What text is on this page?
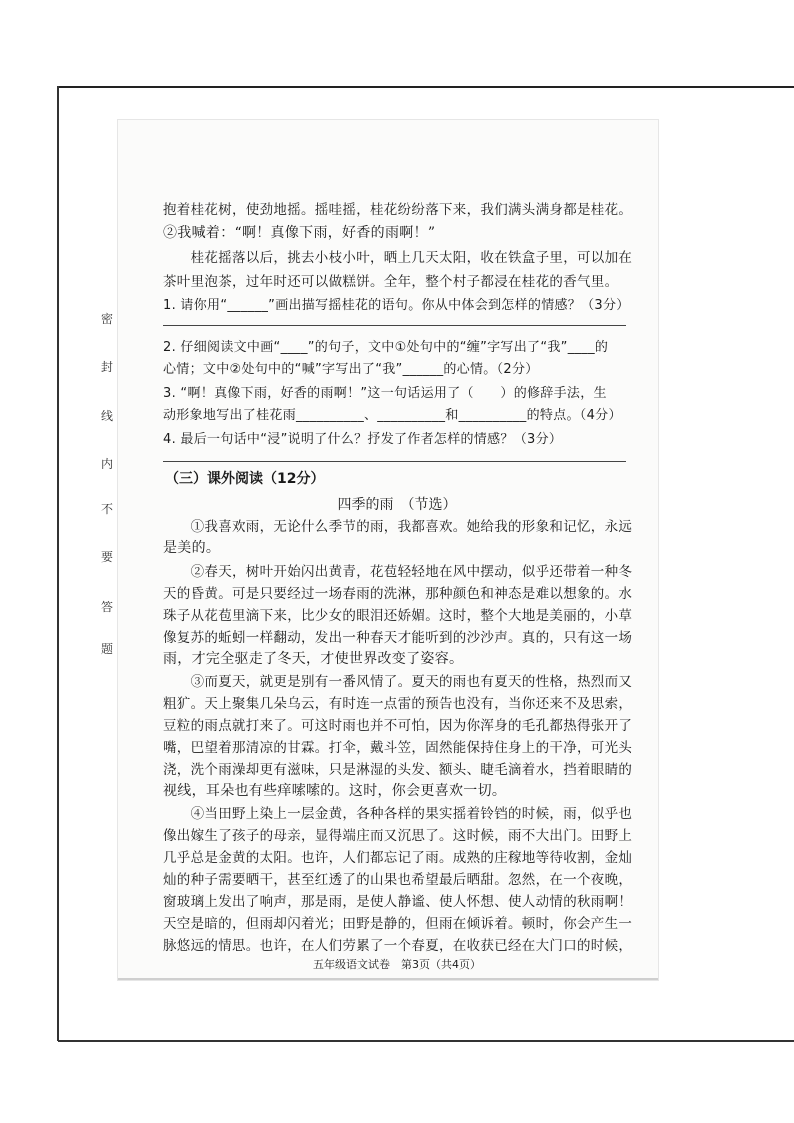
密
封
线
内
不
要
答
题
抱着桂花树，使劲地摇。摇哇摇，桂花纷纷落下来，我们满头满身都是桂花。
②我喊着：“啊！真像下雨，好香的雨啊！”
　　桂花摇落以后，挑去小枝小叶，晒上几天太阳，收在铁盒子里，可以加在
茶叶里泡茶，过年时还可以做糕饼。全年，整个村子都浸在桂花的香气里。
1. 请你用“______”画出描写摇桂花的语句。你从中体会到怎样的情感？（3分）
2. 仔细阅读文中画“____”的句子，文中①处句中的“缠”字写出了“我”____的
心情；文中②处句中的“喊”字写出了“我”______的心情。（2分）
3. “啊！真像下雨，好香的雨啊！”这一句话运用了（　　）的修辞手法，生
动形象地写出了桂花雨__________、__________和__________的特点。（4分）
4. 最后一句话中“浸”说明了什么？抒发了作者怎样的情感？（3分）
（三）课外阅读（12分）
四季的雨　（节选）
　　①我喜欢雨，无论什么季节的雨，我都喜欢。她给我的形象和记忆，永远
是美的。
　　②春天，树叶开始闪出黄青，花苞轻轻地在风中摆动，似乎还带着一种冬
天的昏黄。可是只要经过一场春雨的洗淋，那种颜色和神态是难以想象的。水
珠子从花苞里滴下来，比少女的眼泪还娇媚。这时，整个大地是美丽的，小草
像复苏的蚯蚓一样翻动，发出一种春天才能听到的沙沙声。真的，只有这一场
雨，才完全驱走了冬天，才使世界改变了姿容。
　　③而夏天，就更是别有一番风情了。夏天的雨也有夏天的性格，热烈而又
粗犷。天上聚集几朵乌云，有时连一点雷的预告也没有，当你还来不及思索，
豆粒的雨点就打来了。可这时雨也并不可怕，因为你浑身的毛孔都热得张开了
嘴，巴望着那清凉的甘霖。打伞，戴斗笠，固然能保持住身上的干净，可光头
浇，洗个雨澡却更有滋味，只是淋湿的头发、额头、睫毛滴着水，挡着眼睛的
视线，耳朵也有些痒嗦嗦的。这时，你会更喜欢一切。
　　④当田野上染上一层金黄，各种各样的果实摇着铃铛的时候，雨，似乎也
像出嫁生了孩子的母亲，显得端庄而又沉思了。这时候，雨不大出门。田野上
几乎总是金黄的太阳。也许，人们都忘记了雨。成熟的庄稼地等待收割，金灿
灿的种子需要晒干，甚至红透了的山果也希望最后晒甜。忽然，在一个夜晚，
窗玻璃上发出了响声，那是雨，是使人静谧、使人怀想、使人动情的秋雨啊！
天空是暗的，但雨却闪着光；田野是静的，但雨在倾诉着。顿时，你会产生一
脉悠远的情思。也许，在人们劳累了一个春夏，在收获已经在大门口的时候，
五年级语文试卷　第3页（共4页）
